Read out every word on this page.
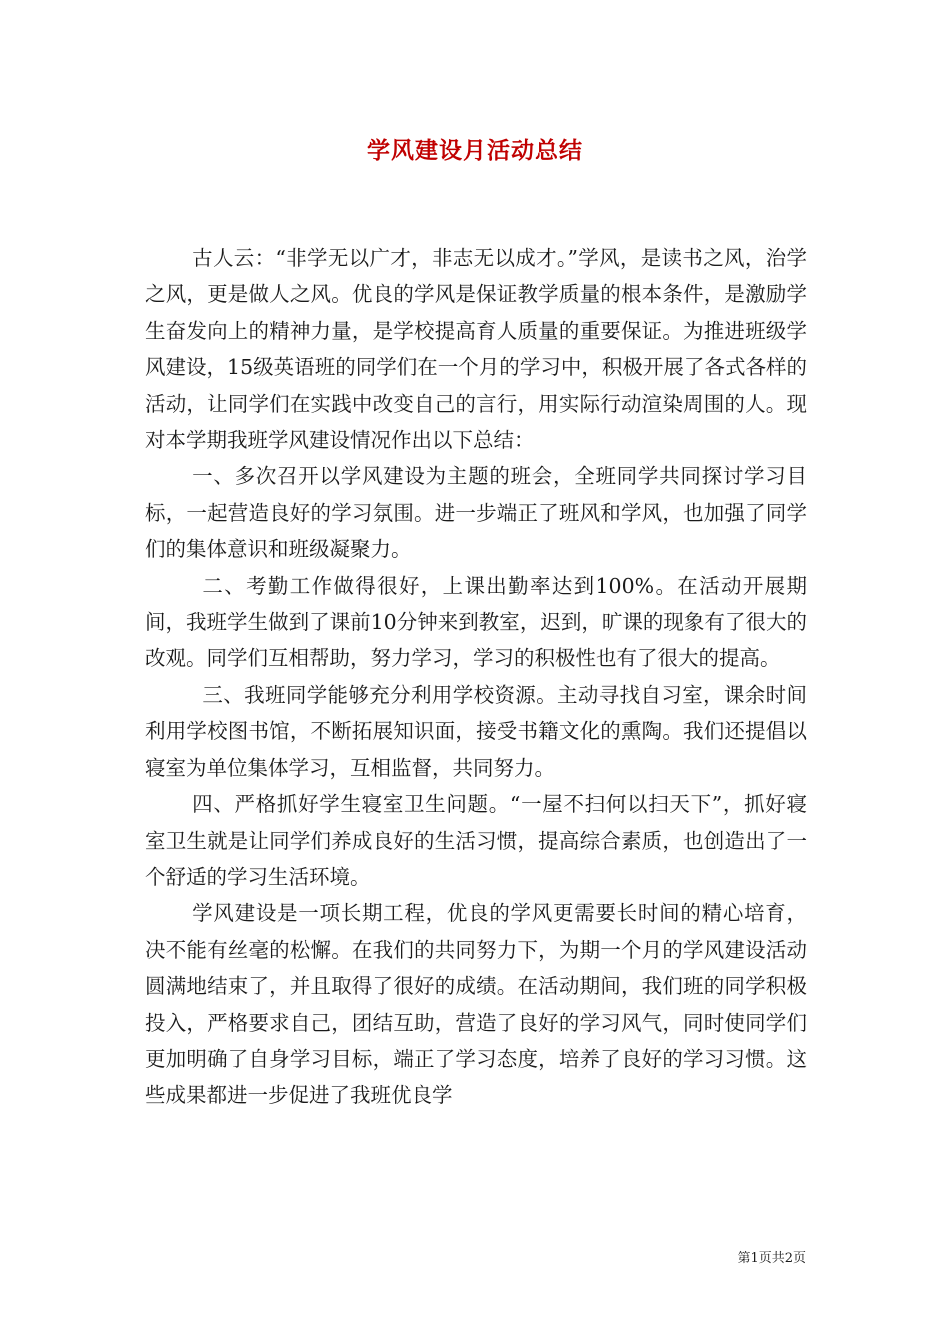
学风建设月活动总结

古人云：“非学无以广才，非志无以成才。”学风，是读书之风，治学之风，更是做人之风。优良的学风是保证教学质量的根本条件，是激励学生奋发向上的精神力量，是学校提高育人质量的重要保证。为推进班级学风建设，15级英语班的同学们在一个月的学习中，积极开展了各式各样的活动，让同学们在实践中改变自己的言行，用实际行动渲染周围的人。现对本学期我班学风建设情况作出以下总结：

一、多次召开以学风建设为主题的班会，全班同学共同探讨学习目标，一起营造良好的学习氛围。进一步端正了班风和学风，也加强了同学们的集体意识和班级凝聚力。

二、考勤工作做得很好，上课出勤率达到100%。在活动开展期间，我班学生做到了课前10分钟来到教室，迟到，旷课的现象有了很大的改观。同学们互相帮助，努力学习，学习的积极性也有了很大的提高。

三、我班同学能够充分利用学校资源。主动寻找自习室，课余时间利用学校图书馆，不断拓展知识面，接受书籍文化的熏陶。我们还提倡以寝室为单位集体学习，互相监督，共同努力。

四、严格抓好学生寝室卫生问题。“一屋不扫何以扫天下”，抓好寝室卫生就是让同学们养成良好的生活习惯，提高综合素质，也创造出了一个舒适的学习生活环境。

学风建设是一项长期工程，优良的学风更需要长时间的精心培育，决不能有丝毫的松懈。在我们的共同努力下，为期一个月的学风建设活动圆满地结束了，并且取得了很好的成绩。在活动期间，我们班的同学积极投入，严格要求自己，团结互助，营造了良好的学习风气，同时使同学们更加明确了自身学习目标，端正了学习态度，培养了良好的学习习惯。这些成果都进一步促进了我班优良学

第1页共2页
